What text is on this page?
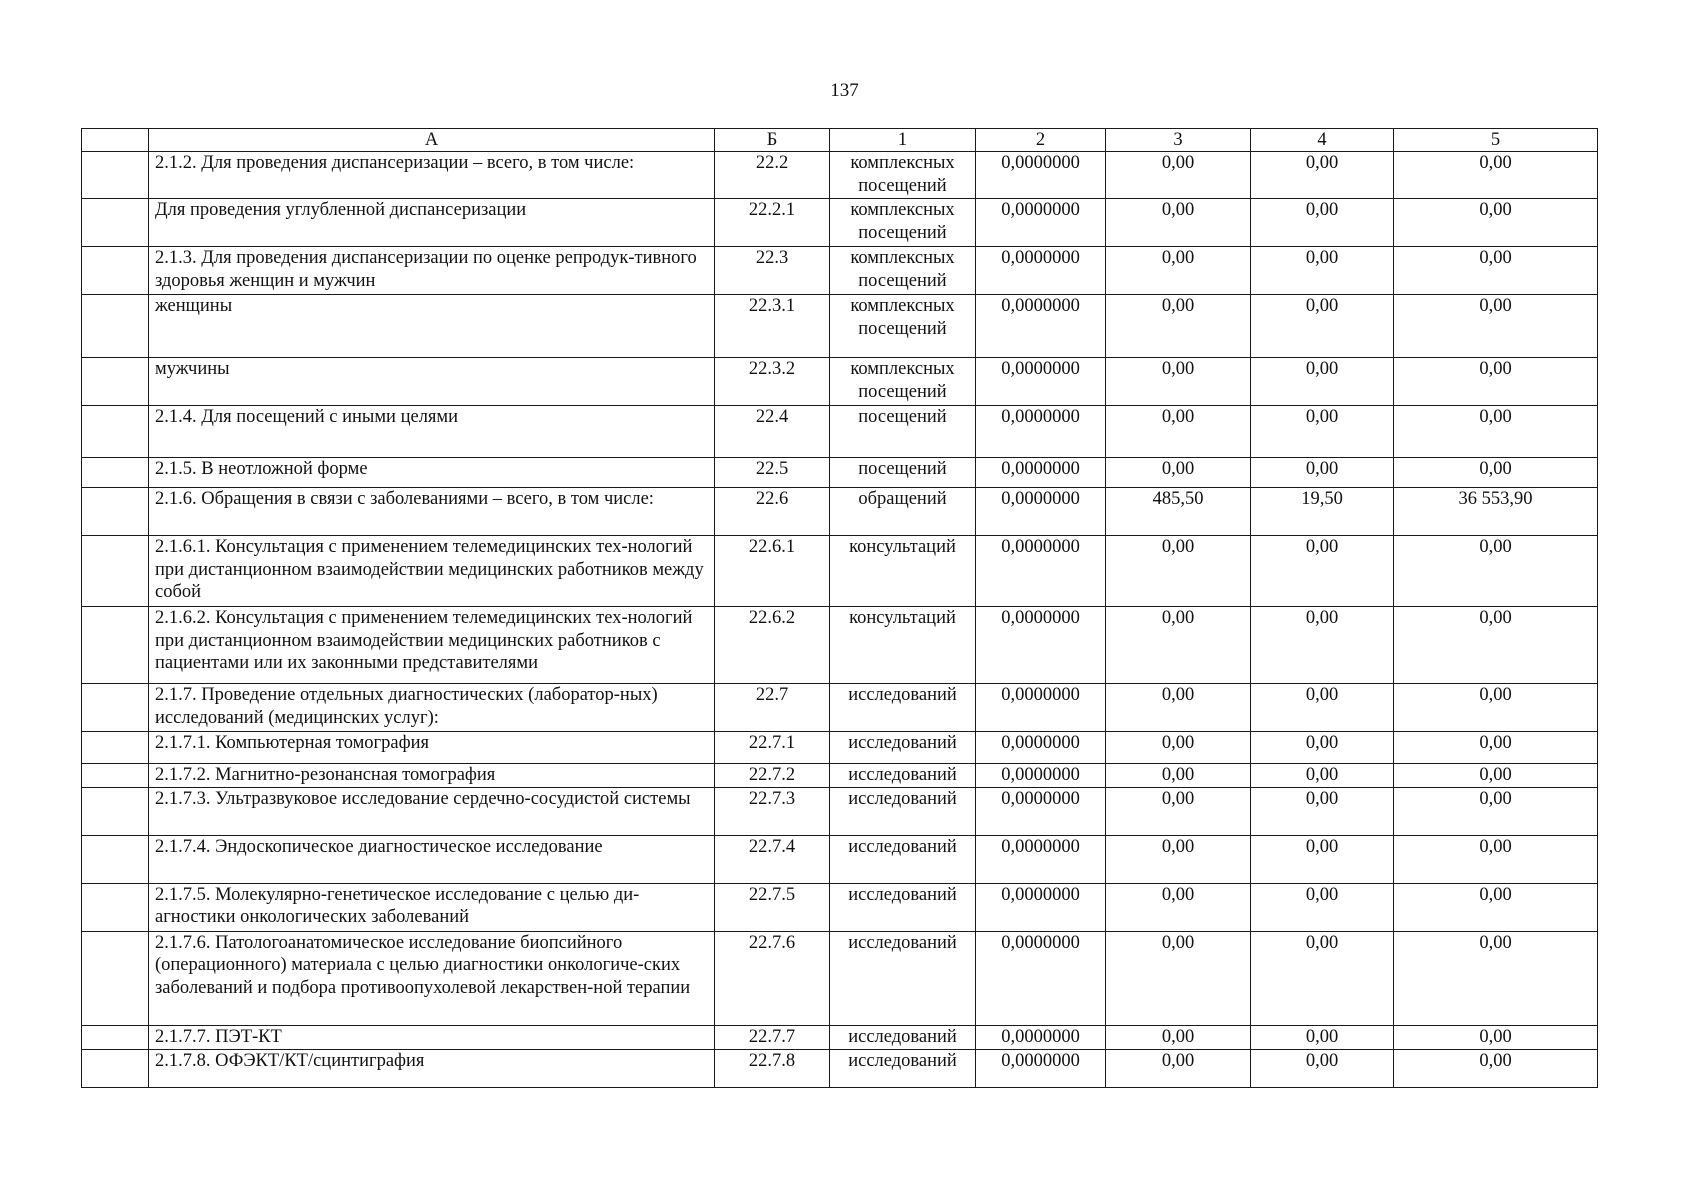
137
	А	Б	1	2	3	4	5
	2.1.2. Для проведения диспансеризации – всего, в том числе:	22.2	комплексных посещений	0,0000000	0,00	0,00	0,00
	Для проведения углубленной диспансеризации	22.2.1	комплексных посещений	0,0000000	0,00	0,00	0,00
	2.1.3. Для проведения диспансеризации по оценке репродук-тивного здоровья женщин и мужчин	22.3	комплексных посещений	0,0000000	0,00	0,00	0,00
	женщины	22.3.1	комплексных посещений	0,0000000	0,00	0,00	0,00
	мужчины	22.3.2	комплексных посещений	0,0000000	0,00	0,00	0,00
	2.1.4. Для посещений с иными целями	22.4	посещений	0,0000000	0,00	0,00	0,00
	2.1.5. В неотложной форме	22.5	посещений	0,0000000	0,00	0,00	0,00
	2.1.6. Обращения в связи с заболеваниями – всего, в том числе:	22.6	обращений	0,0000000	485,50	19,50	36 553,90
	2.1.6.1. Консультация с применением телемедицинских тех-нологий при дистанционном взаимодействии медицинских работников между собой	22.6.1	консультаций	0,0000000	0,00	0,00	0,00
	2.1.6.2. Консультация с применением телемедицинских тех-нологий при дистанционном взаимодействии медицинских работников с пациентами или их законными представителями	22.6.2	консультаций	0,0000000	0,00	0,00	0,00
	2.1.7. Проведение отдельных диагностических (лаборатор-ных) исследований (медицинских услуг):	22.7	исследований	0,0000000	0,00	0,00	0,00
	2.1.7.1. Компьютерная томография	22.7.1	исследований	0,0000000	0,00	0,00	0,00
	2.1.7.2. Магнитно-резонансная томография	22.7.2	исследований	0,0000000	0,00	0,00	0,00
	2.1.7.3. Ультразвуковое исследование сердечно-сосудистой системы	22.7.3	исследований	0,0000000	0,00	0,00	0,00
	2.1.7.4. Эндоскопическое диагностическое исследование	22.7.4	исследований	0,0000000	0,00	0,00	0,00
	2.1.7.5. Молекулярно-генетическое исследование с целью ди-агностики онкологических заболеваний	22.7.5	исследований	0,0000000	0,00	0,00	0,00
	2.1.7.6. Патологоанатомическое исследование биопсийного (операционного) материала с целью диагностики онкологиче-ских заболеваний и подбора противоопухолевой лекарствен-ной терапии	22.7.6	исследований	0,0000000	0,00	0,00	0,00
	2.1.7.7. ПЭТ-КТ	22.7.7	исследований	0,0000000	0,00	0,00	0,00
	2.1.7.8. ОФЭКТ/КТ/сцинтиграфия	22.7.8	исследований	0,0000000	0,00	0,00	0,00
